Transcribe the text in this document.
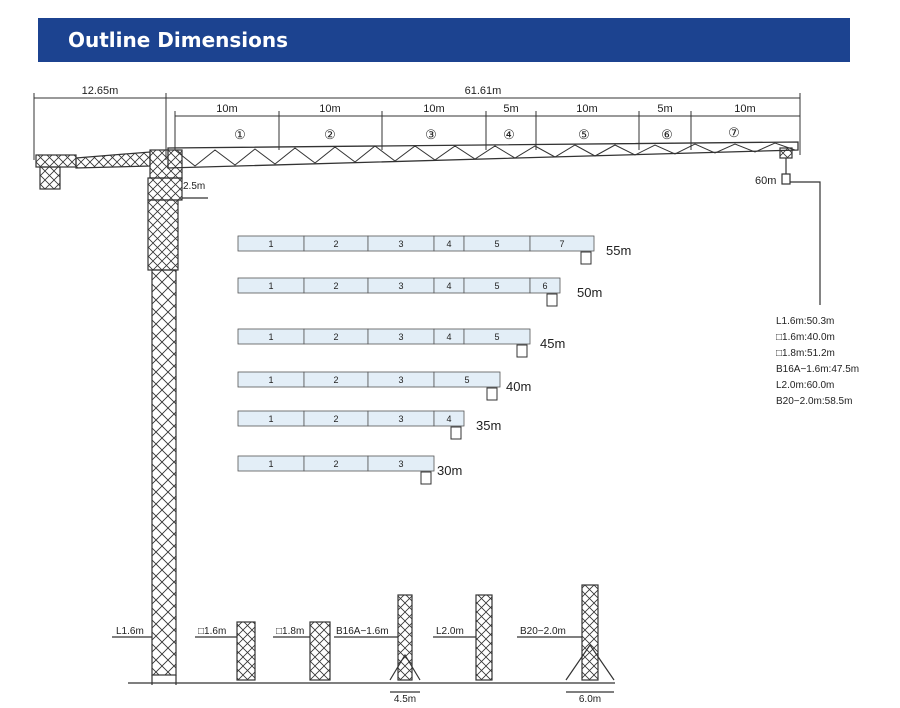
Outline Dimensions
12.65m	61.61m
10m	10m	10m	5m	10m	5m	10m
①	②	③	④	⑤	⑥	⑦
2.5m	60m
1	2	3	4	5	7	55m
1	2	3	4	5	6 50m
1	2	3	4	5	45m
1	2	3	5	40m
1	2	3	4 35m
1	2	3	30m
L1.6m:50.3m
□1.6m:40.0m
□1.8m:51.2m
B16A−1.6m:47.5m
L2.0m:60.0m
B20−2.0m:58.5m
L1.6m	□1.6m	□1.8m	B16A−1.6m	L2.0m	B20−2.0m
4.5m	6.0m
